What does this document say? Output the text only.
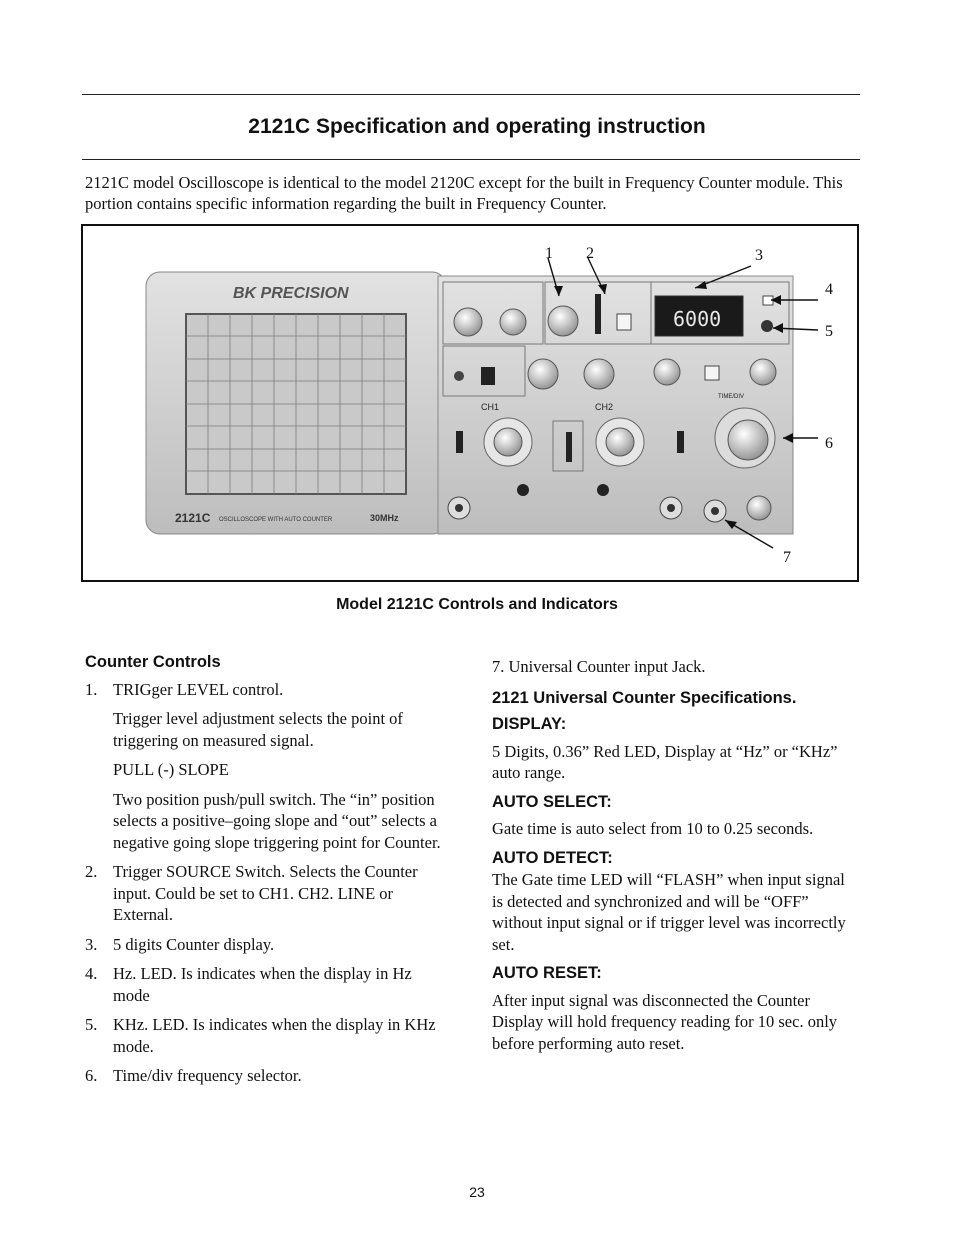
2121C Specification and operating instruction
2121C model Oscilloscope is identical to the model 2120C except for the built in Frequency Counter module. This portion contains specific information regarding the built in Frequency Counter.
BK PRECISION
2121C OSCILLOSCOPE WITH AUTO COUNTER	30MHz
6000
CH1	CH2
TIME/DIV
1 2	3
4
5
6
7
Model 2121C Controls and Indicators
Counter Controls
1. TRIGger LEVEL control.
Trigger level adjustment selects the point of triggering on measured signal.
PULL (-) SLOPE
Two position push/pull switch. The “in” position selects a positive–going slope and “out” selects a negative going slope triggering point for Counter.
2. Trigger SOURCE Switch. Selects the Counter input. Could be set to CH1. CH2. LINE or External.
3. 5 digits Counter display.
4. Hz. LED. Is indicates when the display in Hz mode
5. KHz. LED. Is indicates when the display in KHz mode.
6. Time/div frequency selector.

7. Universal Counter input Jack.

2121 Universal Counter Specifications.
DISPLAY:

5 Digits, 0.36” Red LED, Display at “Hz” or “KHz” auto range.

AUTO SELECT:

Gate time is auto select from 10 to 0.25 seconds.

AUTO DETECT:

The Gate time LED will “FLASH” when input signal is detected and synchronized and will be “OFF” without input signal or if trigger level was incorrectly set.

AUTO RESET:

After input signal was disconnected the Counter Display will hold frequency reading for 10 sec. only before performing auto reset.

23
